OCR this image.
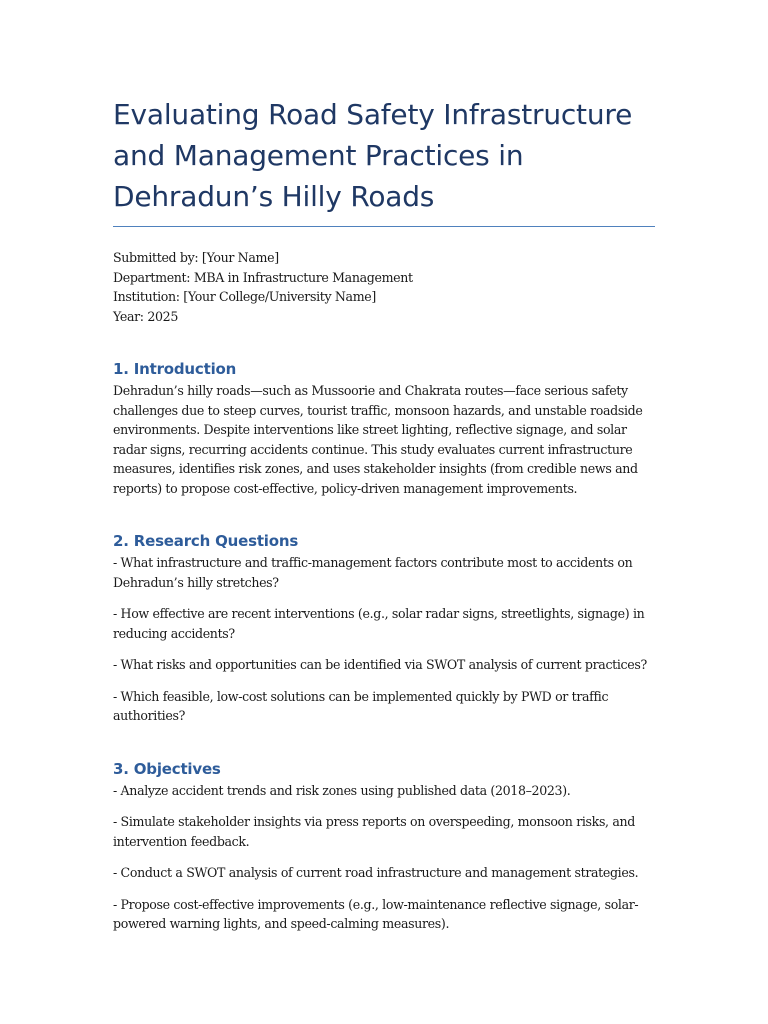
Evaluating Road Safety Infrastructure and Management Practices in Dehradun’s Hilly Roads
Submitted by: [Your Name]
Department: MBA in Infrastructure Management
Institution: [Your College/University Name]
Year: 2025
1. Introduction

Dehradun’s hilly roads—such as Mussoorie and Chakrata routes—face serious safety challenges due to steep curves, tourist traffic, monsoon hazards, and unstable roadside environments. Despite interventions like street lighting, reflective signage, and solar radar signs, recurring accidents continue. This study evaluates current infrastructure measures, identifies risk zones, and uses stakeholder insights (from credible news and reports) to propose cost-effective, policy-driven management improvements.

2. Research Questions

- What infrastructure and traffic-management factors contribute most to accidents on Dehradun’s hilly stretches?

- How effective are recent interventions (e.g., solar radar signs, streetlights, signage) in reducing accidents?

- What risks and opportunities can be identified via SWOT analysis of current practices?

- Which feasible, low-cost solutions can be implemented quickly by PWD or traffic authorities?

3. Objectives

- Analyze accident trends and risk zones using published data (2018–2023).

- Simulate stakeholder insights via press reports on overspeeding, monsoon risks, and intervention feedback.

- Conduct a SWOT analysis of current road infrastructure and management strategies.

- Propose cost-effective improvements (e.g., low-maintenance reflective signage, solar-powered warning lights, and speed-calming measures).
